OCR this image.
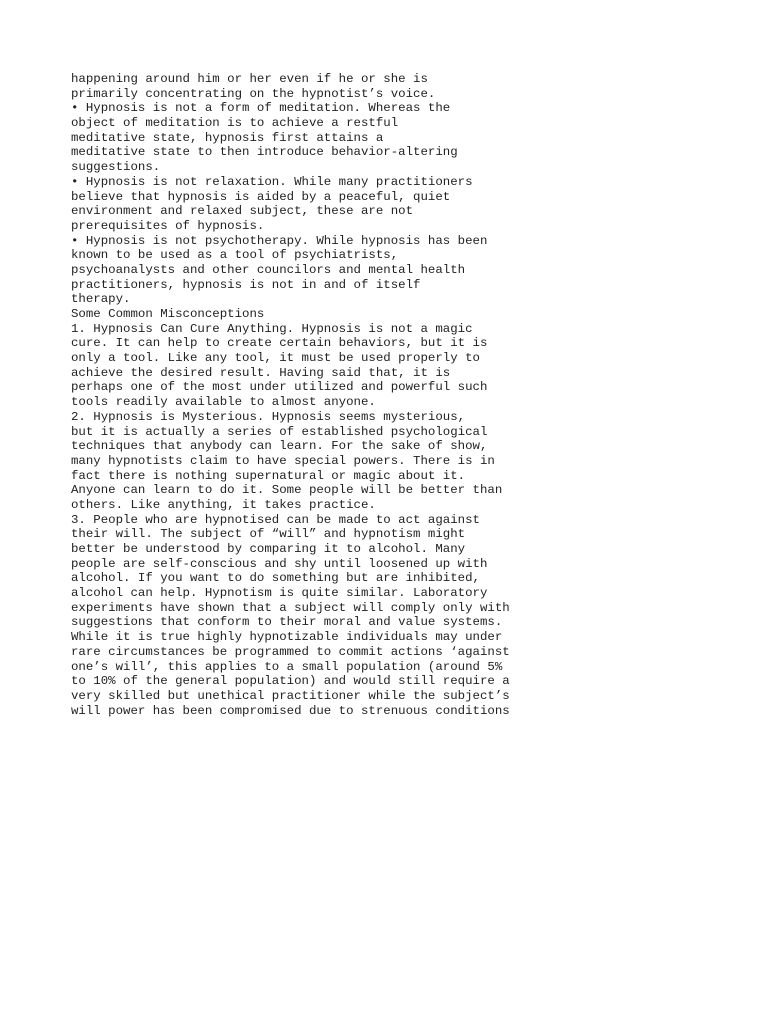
happening around him or her even if he or she is
primarily concentrating on the hypnotist’s voice.
• Hypnosis is not a form of meditation. Whereas the
object of meditation is to achieve a restful
meditative state, hypnosis first attains a
meditative state to then introduce behavior-altering
suggestions.
• Hypnosis is not relaxation. While many practitioners
believe that hypnosis is aided by a peaceful, quiet
environment and relaxed subject, these are not
prerequisites of hypnosis.
• Hypnosis is not psychotherapy. While hypnosis has been
known to be used as a tool of psychiatrists,
psychoanalysts and other councilors and mental health
practitioners, hypnosis is not in and of itself
therapy.
Some Common Misconceptions
1. Hypnosis Can Cure Anything. Hypnosis is not a magic
cure. It can help to create certain behaviors, but it is
only a tool. Like any tool, it must be used properly to
achieve the desired result. Having said that, it is
perhaps one of the most under utilized and powerful such
tools readily available to almost anyone.
2. Hypnosis is Mysterious. Hypnosis seems mysterious,
but it is actually a series of established psychological
techniques that anybody can learn. For the sake of show,
many hypnotists claim to have special powers. There is in
fact there is nothing supernatural or magic about it.
Anyone can learn to do it. Some people will be better than
others. Like anything, it takes practice.
3. People who are hypnotised can be made to act against
their will. The subject of “will” and hypnotism might
better be understood by comparing it to alcohol. Many
people are self-conscious and shy until loosened up with
alcohol. If you want to do something but are inhibited,
alcohol can help. Hypnotism is quite similar. Laboratory
experiments have shown that a subject will comply only with
suggestions that conform to their moral and value systems.
While it is true highly hypnotizable individuals may under
rare circumstances be programmed to commit actions ‘against
one’s will’, this applies to a small population (around 5%
to 10% of the general population) and would still require a
very skilled but unethical practitioner while the subject’s
will power has been compromised due to strenuous conditions
